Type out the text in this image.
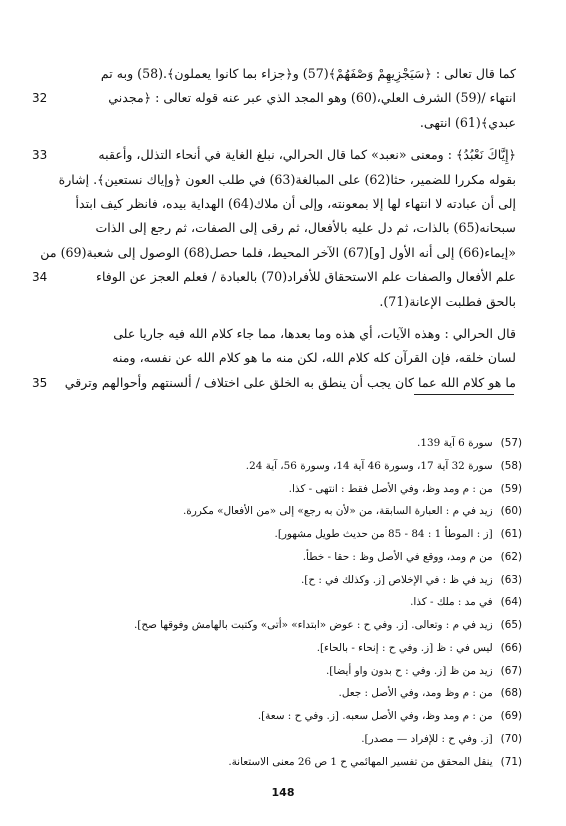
كما قال تعالى : ﴿سَيَجْزِيهِمْ وَصْفَهُمْ﴾(57) و﴿جزاء بما كانوا يعملون﴾.(58) وبه تم
32	انتهاء /(59) الشرف العلي،(60) وهو المجد الذي عبر عنه قوله تعالى : ﴿مجدني
عبدي﴾(61) انتهى.
33	﴿إِيَّاكَ نَعْبُدُ﴾ : ومعنى «نعبد» كما قال الحرالي، نبلغ الغاية في أنحاء التذلل، وأعقبه
بقوله مكررا للضمير، حثا(62) على المبالغة(63) في طلب العون ﴿وإياك نستعين﴾. إشارة
إلى أن عبادته لا انتهاء لها إلا بمعونته، وإلى أن ملاك(64) الهداية بيده، فانظر كيف ابتدأ
سبحانه(65) بالذات، ثم دل عليه بالأفعال، ثم رقى إلى الصفات، ثم رجع إلى الذات
«إيماء(66) إلى أنه الأول [و](67) الآخر المحيط، فلما حصل(68) الوصول إلى شعبة(69) من
34	علم الأفعال والصفات علم الاستحقاق للأفراد(70) بالعبادة / فعلم العجز عن الوفاء
بالحق فطلبت الإعانة(71).
قال الحرالي : وهذه الآيات، أي هذه وما بعدها، مما جاء كلام الله فيه جاريا على
لسان خلقه، فإن القرآن كله كلام الله، لكن منه ما هو كلام الله عن نفسه، ومنه
35	ما هو كلام الله عما كان يجب أن ينطق به الخلق على اختلاف / ألسنتهم وأحوالهم وترقي
(57)سورة 6 آية 139.
(58)سورة 32 آية 17، وسورة 46 آية 14، وسورة 56، آية 24.
(59)من : م ومد وظ، وفي الأصل فقط : انتهى - كذا.
(60)زيد في م : العبارة السابقة، من «لأن به رجع» إلى «من الأفعال» مكررة.
(61)[ز : الموطأ 1 : 84 - 85 من حديث طويل مشهور].
(62)من م ومد، ووقع في الأصل وظ : حقا - خطأ.
(63)زيد في ظ : في الإخلاص [ز. وكذلك في : ح].
(64)في مد : ملك - كذا.
(65)زيد في م : وتعالى. [ز. وفي ح : عوض «ابتداء» «أتى» وكتبت بالهامش وفوقها صح].
(66)ليس في : ظ [ز. وفي ح : إنحاء - بالحاء].
(67)زيد من ظ [ز. وفي : ح بدون واو أيضا].
(68)من : م وظ ومد، وفي الأصل : جعل.
(69)من : م ومد وظ، وفي الأصل سعبه. [ز. وفي ح : سعة].
(70)[ز. وفي ح : للإفراد — مصدر].
(71)ينقل المحقق من تفسير المهائمي ح 1 ص 26 معنى الاستعانة.
148
